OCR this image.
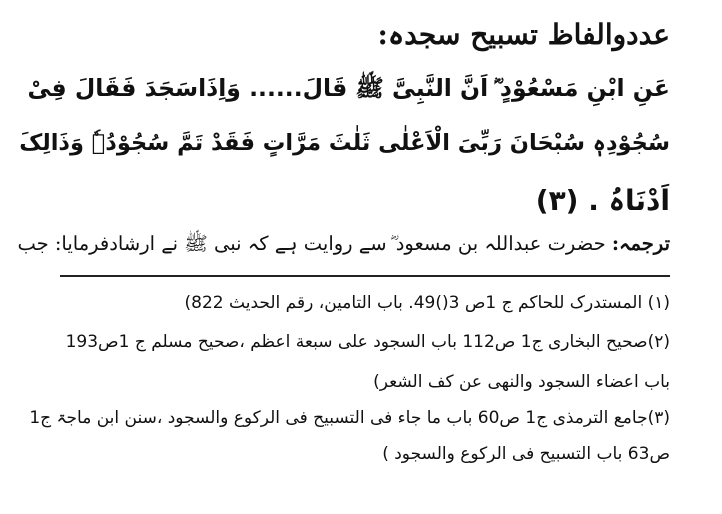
عددوالفاظ تسبیح سجدہ:
عَنِ ابْنِ مَسْعُوْدٍ ؓ اَنَّ النَّبِیَّ ﷺ قَالَ...... وَاِذَاسَجَدَ فَقَالَ فِیْ
سُجُوْدِہٖ سُبْحَانَ رَبِّیَ الْاَعْلٰی ثَلٰثَ مَرَّاتٍ فَقَدْ تَمَّ سُجُوْدُہٗ وَذَالِکَ
اَدْنَاہُ . (۳)
ترجمہ: حضرت عبداللہ بن مسعود ؓ سے روایت ہے کہ نبی ﷺ نے ارشادفرمایا: جب
(۱) المستدرک للحاکم ج 1ص 3()49. باب التامین، رقم الحدیث 822)
(۲)صحیح البخاری ج1 ص112 باب السجود علی سبعة اعظم ،صحیح مسلم ج 1ص193
باب اعضاء السجود والنھی عن کف الشعر)
(۳)جامع الترمذی ج1 ص60 باب ما جاء فی التسبیح فی الرکوع والسجود ،سنن ابن ماجۃ ج1
ص63 باب التسبیح فی الرکوع والسجود )
